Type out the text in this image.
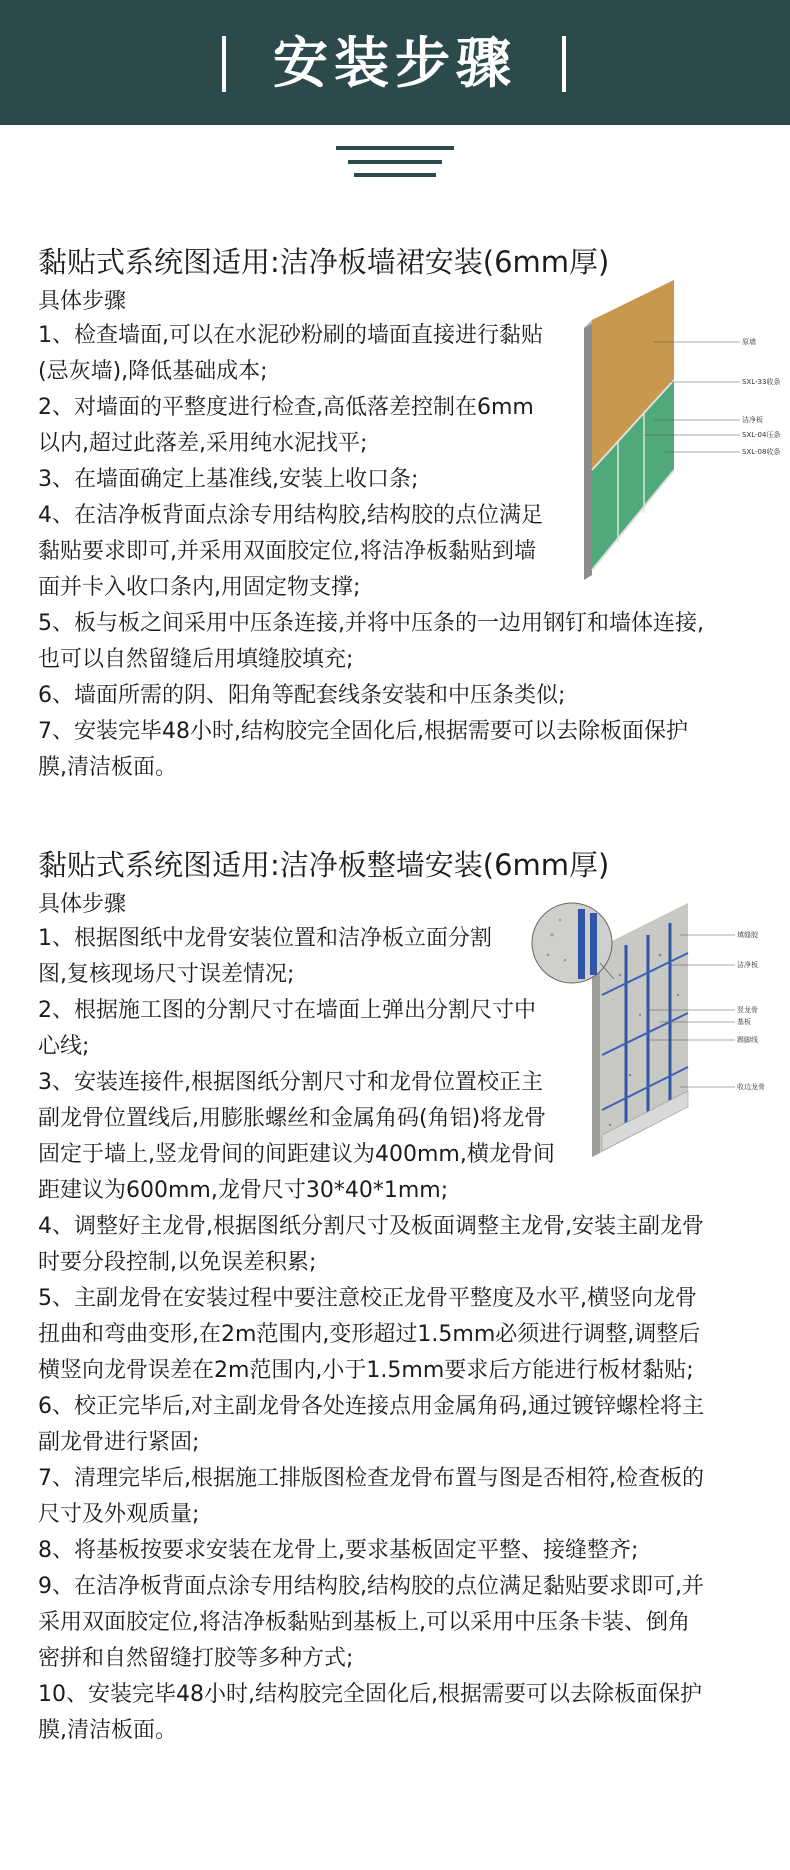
安装步骤
黏贴式系统图适用:洁净板墙裙安装(6mm厚)
具体步骤

1、检查墙面,可以在水泥砂粉刷的墙面直接进行黏贴

(忌灰墙),降低基础成本;

2、对墙面的平整度进行检查,高低落差控制在6mm

以内,超过此落差,采用纯水泥找平;

3、在墙面确定上基准线,安装上收口条;

4、在洁净板背面点涂专用结构胶,结构胶的点位满足

黏贴要求即可,并采用双面胶定位,将洁净板黏贴到墙

面并卡入收口条内,用固定物支撑;

5、板与板之间采用中压条连接,并将中压条的一边用钢钉和墙体连接,

也可以自然留缝后用填缝胶填充;

6、墙面所需的阴、阳角等配套线条安装和中压条类似;

7、安装完毕48小时,结构胶完全固化后,根据需要可以去除板面保护

膜,清洁板面。

原墙
SXL-33收条
洁净板
SXL-04压条
SXL-08收条
黏贴式系统图适用:洁净板整墙安装(6mm厚)
具体步骤

1、根据图纸中龙骨安装位置和洁净板立面分割

图,复核现场尺寸误差情况;

2、根据施工图的分割尺寸在墙面上弹出分割尺寸中

心线;

3、安装连接件,根据图纸分割尺寸和龙骨位置校正主

副龙骨位置线后,用膨胀螺丝和金属角码(角铝)将龙骨

固定于墙上,竖龙骨间的间距建议为400mm,横龙骨间

距建议为600mm,龙骨尺寸30*40*1mm;

4、调整好主龙骨,根据图纸分割尺寸及板面调整主龙骨,安装主副龙骨

时要分段控制,以免误差积累;

5、主副龙骨在安装过程中要注意校正龙骨平整度及水平,横竖向龙骨

扭曲和弯曲变形,在2m范围内,变形超过1.5mm必须进行调整,调整后

横竖向龙骨误差在2m范围内,小于1.5mm要求后方能进行板材黏贴;

6、校正完毕后,对主副龙骨各处连接点用金属角码,通过镀锌螺栓将主

副龙骨进行紧固;

7、清理完毕后,根据施工排版图检查龙骨布置与图是否相符,检查板的

尺寸及外观质量;

8、将基板按要求安装在龙骨上,要求基板固定平整、接缝整齐;

9、在洁净板背面点涂专用结构胶,结构胶的点位满足黏贴要求即可,并

采用双面胶定位,将洁净板黏贴到基板上,可以采用中压条卡装、倒角

密拼和自然留缝打胶等多种方式;

10、安装完毕48小时,结构胶完全固化后,根据需要可以去除板面保护

膜,清洁板面。

填缝胶
洁净板
竖龙骨
基板
踢脚线
收边龙骨
